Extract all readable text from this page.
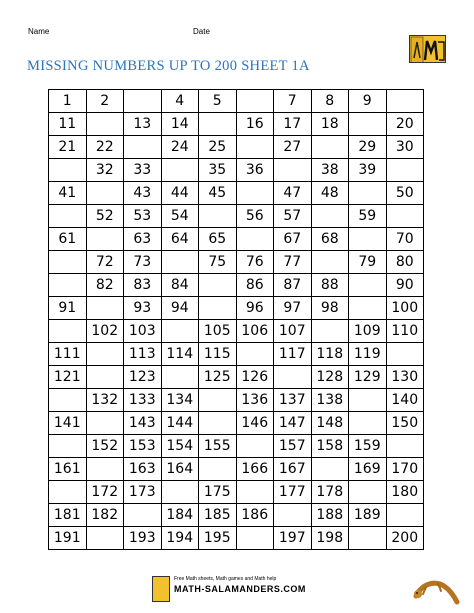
Name	Date
MISSING NUMBERS UP TO 200 SHEET 1A
1	2		4	5		7	8	9	
11		13	14		16	17	18		20
21	22		24	25		27		29	30
	32	33		35	36		38	39	
41		43	44	45		47	48		50
	52	53	54		56	57		59	
61		63	64	65		67	68		70
	72	73		75	76	77		79	80
	82	83	84		86	87	88		90
91		93	94		96	97	98		100
	102	103		105	106	107		109	110
111		113	114	115		117	118	119	
121		123		125	126		128	129	130
	132	133	134		136	137	138		140
141		143	144		146	147	148		150
	152	153	154	155		157	158	159	
161		163	164		166	167		169	170
	172	173		175		177	178		180
181	182		184	185	186		188	189	
191		193	194	195		197	198		200
Free Math sheets, Math games and Math help
MATH-SALAMANDERS.COM
